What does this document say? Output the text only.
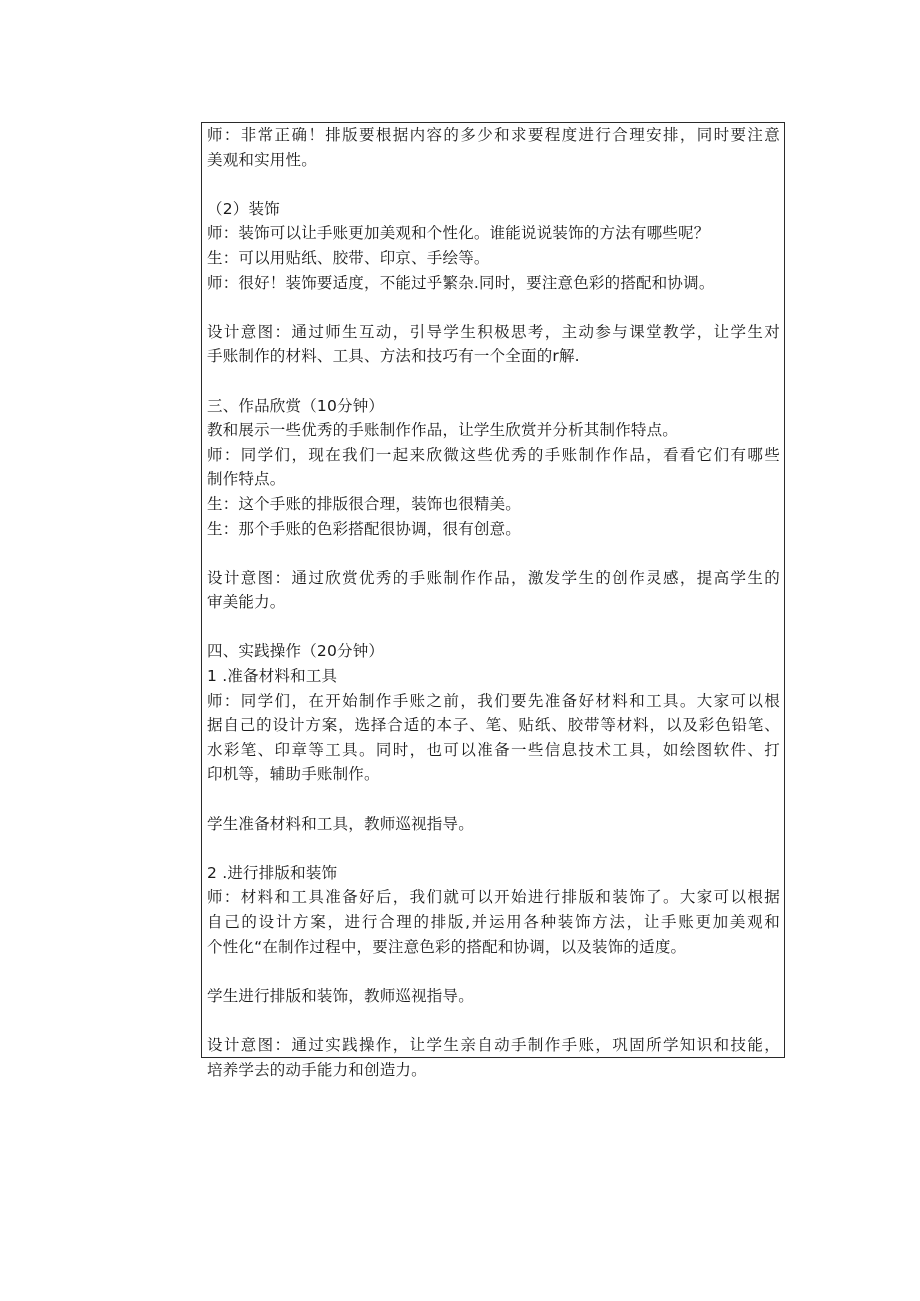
师：非常正确！排版要根据内容的多少和求要程度进行合理安排，同时要注意
美观和实用性。
（2）装饰
师：装饰可以让手账更加美观和个性化。谁能说说装饰的方法有哪些呢？
生：可以用贴纸、胶带、印京、手绘等。
师：很好！装饰要适度，不能过乎繁杂.同时，要注意色彩的搭配和协调。
设计意图：通过师生互动，引导学生积极思考，主动参与课堂教学，让学生对
手账制作的材料、工具、方法和技巧有一个全面的r解.
三、作品欣赏（10分钟）
教和展示一些优秀的手账制作作品，让学生欣赏并分析其制作特点。
师：同学们，现在我们一起来欣微这些优秀的手账制作作品，看看它们有哪些
制作特点。
生：这个手账的排版很合理，装饰也很精美。
生：那个手账的色彩搭配很协调，很有创意。
设计意图：通过欣赏优秀的手账制作作品，激发学生的创作灵感，提高学生的
审美能力。
四、实践操作（20分钟）
1 .准备材料和工具
师：同学们，在开始制作手账之前，我们要先准备好材料和工具。大家可以根
据自己的设计方案，选择合适的本子、笔、贴纸、胶带等材料，以及彩色铅笔、
水彩笔、印章等工具。同时，也可以准备一些信息技术工具，如绘图软件、打
印机等，辅助手账制作。
学生准备材料和工具，教师巡视指导。
2 .进行排版和装饰
师：材料和工具准备好后，我们就可以开始进行排版和装饰了。大家可以根据
自己的设计方案，进行合理的排版,并运用各种装饰方法，让手账更加美观和
个性化“在制作过程中，要注意色彩的搭配和协调，以及装饰的适度。
学生进行排版和装饰，教师巡视指导。
设计意图：通过实践操作，让学生亲自动手制作手账，巩固所学知识和技能，
培养学去的动手能力和创造力。
